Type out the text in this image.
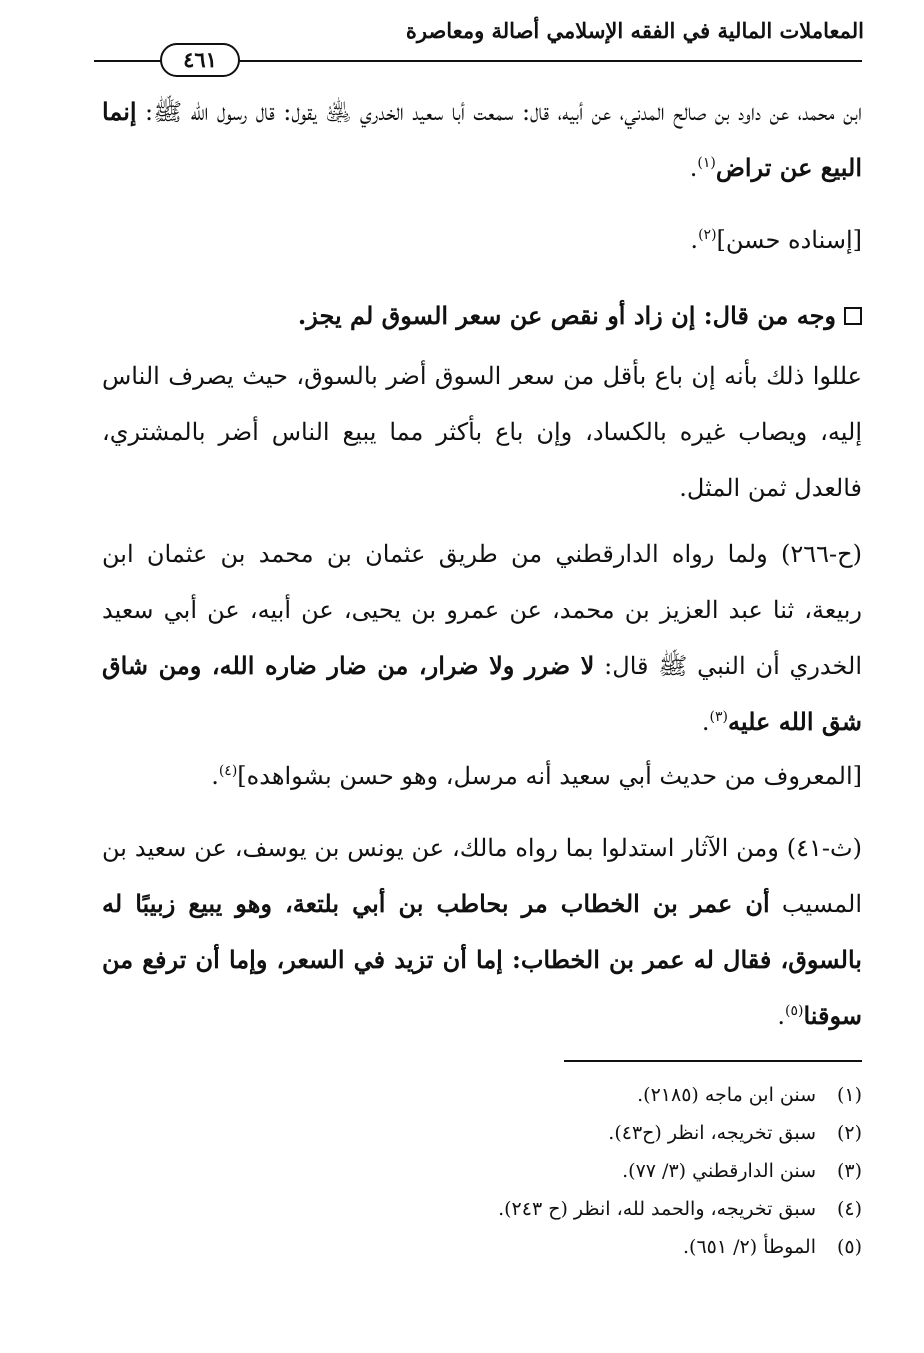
المعاملات المالية في الفقه الإسلامي أصالة ومعاصرة
٤٦١

ابن محمد، عن داود بن صالح المدني، عن أبيه، قال: سمعت أبا سعيد الخدري ﵁ يقول: قال رسول الله ﷺ: إنما البيع عن تراض$^{(١)}$.

[إسناده حسن]$^{(٢)}$.

وجه من قال: إن زاد أو نقص عن سعر السوق لم يجز.

عللوا ذلك بأنه إن باع بأقل من سعر السوق أضر بالسوق، حيث يصرف الناس إليه، ويصاب غيره بالكساد، وإن باع بأكثر مما يبيع الناس أضر بالمشتري، فالعدل ثمن المثل.

(ح-٢٦٦) ولما رواه الدارقطني من طريق عثمان بن محمد بن عثمان ابن ربيعة، ثنا عبد العزيز بن محمد، عن عمرو بن يحيى، عن أبيه، عن أبي سعيد الخدري أن النبي ﷺ قال: لا ضرر ولا ضرار، من ضار ضاره الله، ومن شاق شق الله عليه$^{(٣)}$.

[المعروف من حديث أبي سعيد أنه مرسل، وهو حسن بشواهده]$^{(٤)}$.

(ث-٤١) ومن الآثار استدلوا بما رواه مالك، عن يونس بن يوسف، عن سعيد بن المسيب أن عمر بن الخطاب مر بحاطب بن أبي بلتعة، وهو يبيع زبيبًا له بالسوق، فقال له عمر بن الخطاب: إما أن تزيد في السعر، وإما أن ترفع من سوقنا$^{(٥)}$.

(١)سنن ابن ماجه (٢١٨٥).
(٢)سبق تخريجه، انظر (ح٤٣).
(٣)سنن الدارقطني (٣/ ٧٧).
(٤)سبق تخريجه، والحمد لله، انظر (ح ٢٤٣).
(٥)الموطأ (٢/ ٦٥١).
